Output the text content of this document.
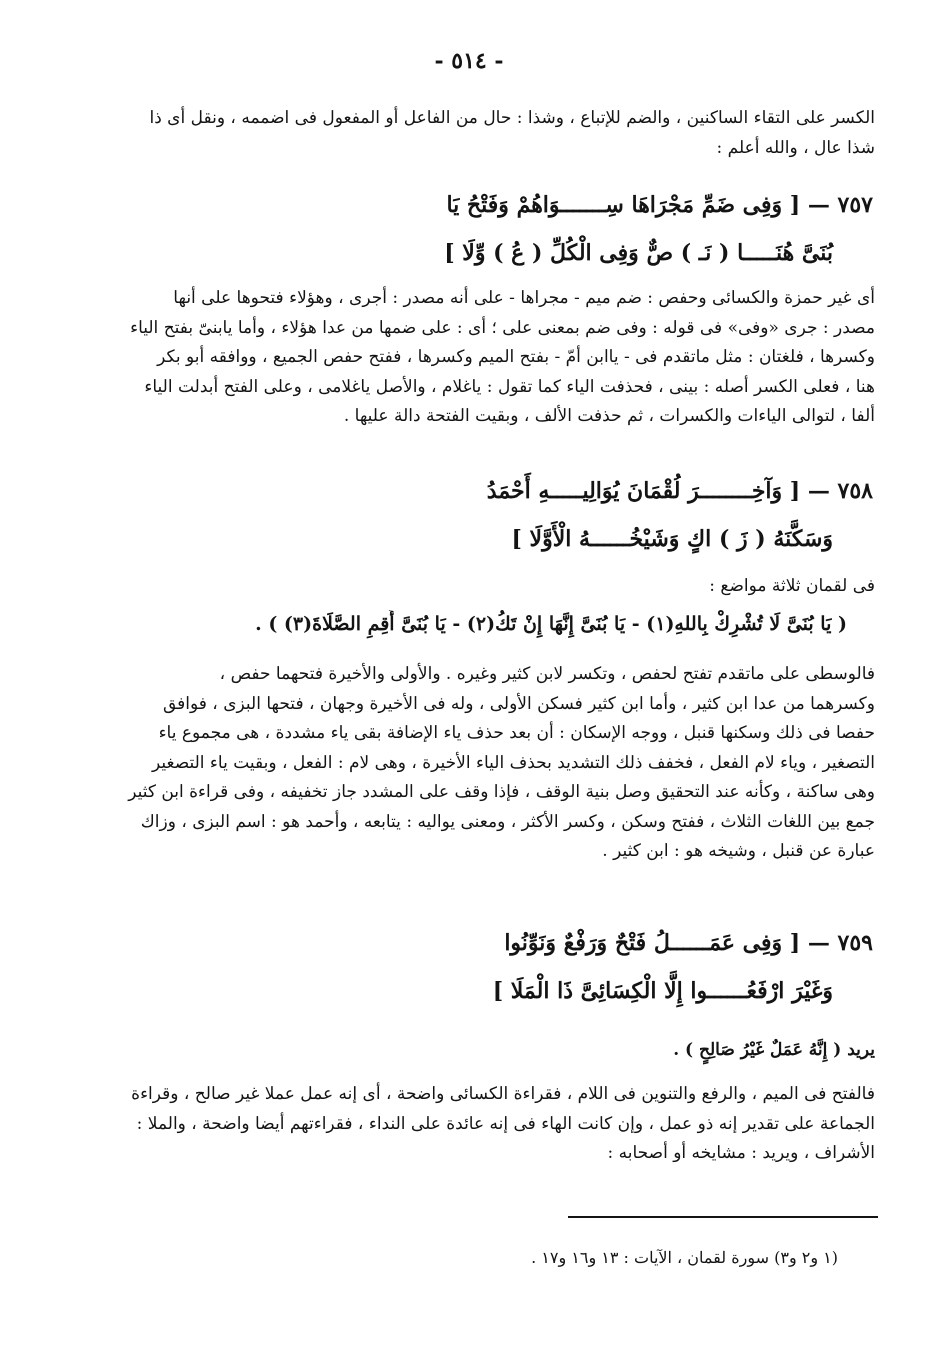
- ٥١٤ -
الكسر على التقاء الساكنين ، والضم للإتباع ، وشذا : حال من الفاعل أو المفعول فى اضممه ، ونقل أى ذا
شذا عال ، والله أعلم :
٧٥٧ — [ وَفِى ضَمِّ مَجْرَاهَا سِـــــــوَاهُمْ وَفَتْحُ يَا
بُنَىَّ هُنَـــــا ( نَـ ) صٌّ وَفِى الْكُلِّ ( عُ ) وِّلَا ]
أى غير حمزة والكسائى وحفص : ضم ميم - مجراها - على أنه مصدر : أجرى ، وهؤلاء فتحوها على أنها
مصدر : جرى «وفى» فى قوله : وفى ضم بمعنى على ؛ أى : على ضمها من عدا هؤلاء ، وأما يابنىّ بفتح الياء
وكسرها ، فلغتان : مثل ماتقدم فى - ياابن أمّ - بفتح الميم وكسرها ، ففتح حفص الجميع ، ووافقه أبو بكر
هنا ، فعلى الكسر أصله : بينى ، فحذفت الياء كما تقول : ياغلام ، والأصل ياغلامى ، وعلى الفتح أبدلت الياء
ألفا ، لتوالى الياءات والكسرات ، ثم حذفت الألف ، وبقيت الفتحة دالة عليها .
٧٥٨ — [ وَآخِــــــــرَ لُقْمَانَ يُوَالِيـــــهِ أَحْمَدُ
وَسَكَّنَهُ ( زَ ) اكٍ وَشَيْخُــــــهُ الْأَوَّلَا ]
فى لقمان ثلاثة مواضع :
( يَا بُنَىَّ لَا تُشْرِكْ بِاللهِ(١) - يَا بُنَىَّ إِنَّهَا إِنْ تَكُ(٢) - يَا بُنَىَّ أَقِمِ الصَّلَاةَ(٣) ) .
فالوسطى على ماتقدم تفتح لحفص ، وتكسر لابن كثير وغيره . والأولى والأخيرة فتحهما حفص ،
وكسرهما من عدا ابن كثير ، وأما ابن كثير فسكن الأولى ، وله فى الأخيرة وجهان ، فتحها البزى ، فوافق
حفصا فى ذلك وسكنها قنبل ، ووجه الإسكان : أن بعد حذف ياء الإضافة بقى ياء مشددة ، هى مجموع ياء
التصغير ، وياء لام الفعل ، فخفف ذلك التشديد بحذف الياء الأخيرة ، وهى لام : الفعل ، وبقيت ياء التصغير
وهى ساكنة ، وكأنه عند التحقيق وصل بنية الوقف ، فإذا وقف على المشدد جاز تخفيفه ، وفى قراءة ابن كثير
جمع بين اللغات الثلاث ، ففتح وسكن ، وكسر الأكثر ، ومعنى يواليه : يتابعه ، وأحمد هو : اسم البزى ، وزاك
عبارة عن قنبل ، وشيخه هو : ابن كثير .
٧٥٩ — [ وَفِى عَمَــــــلُ فَتْحٌ وَرَفْعٌ وَنَوِّنُوا
وَغَيْرَ ارْفَعُــــــوا إِلَّا الْكِسَائِىَّ ذَا الْمَلَا ]
يريد ( إِنَّهُ عَمَلٌ غَيْرُ صَالِحٍ ) .
فالفتح فى الميم ، والرفع والتنوين فى اللام ، فقراءة الكسائى واضحة ، أى إنه عمل عملا غير صالح ، وقراءة
الجماعة على تقدير إنه ذو عمل ، وإن كانت الهاء فى إنه عائدة على النداء ، فقراءتهم أيضا واضحة ، والملا :
الأشراف ، ويريد : مشايخه أو أصحابه :
(١ و٢ و٣) سورة لقمان ، الآيات : ١٣ و١٦ و١٧ .
